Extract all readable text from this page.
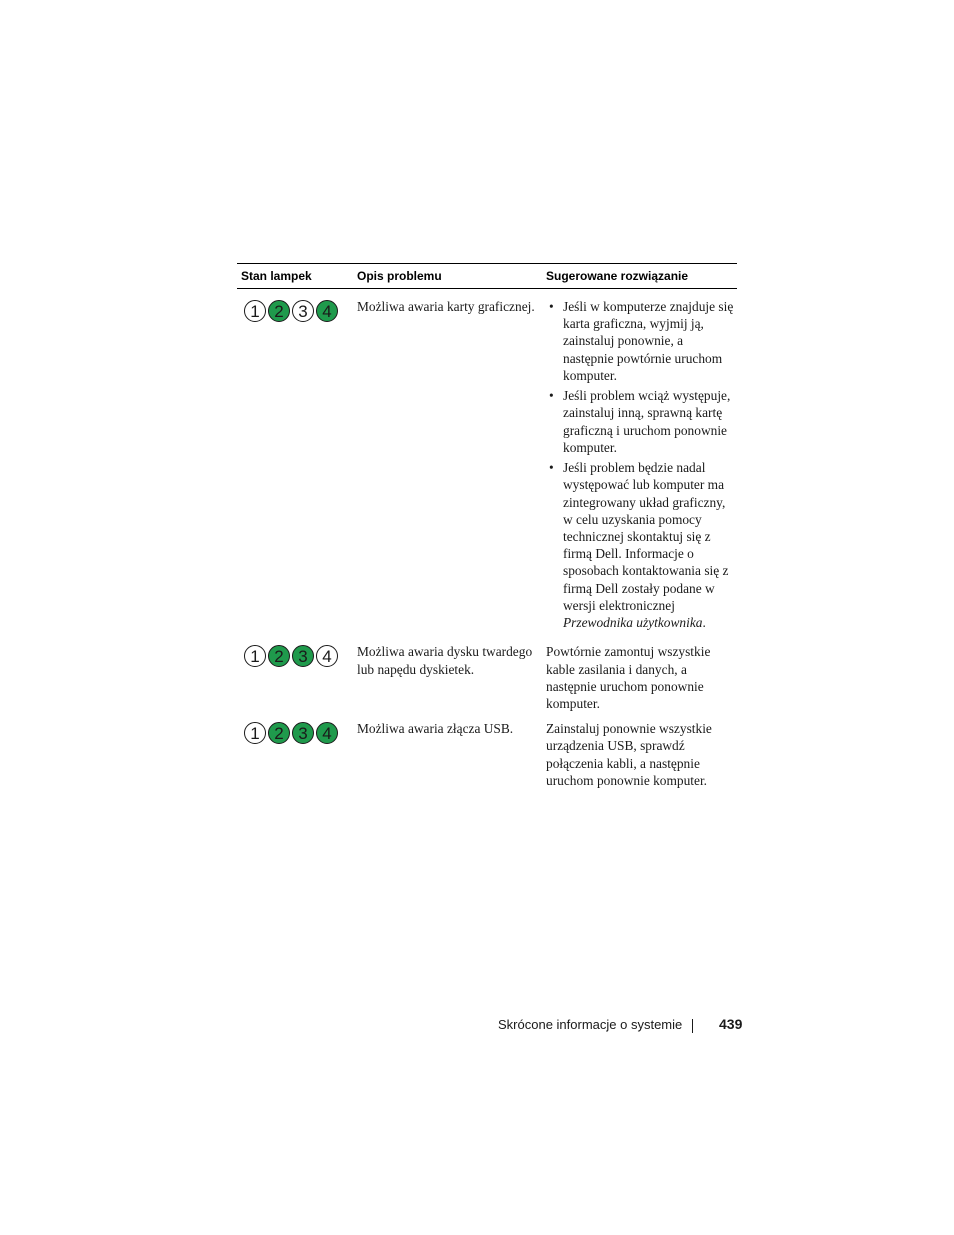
Stan lampek	Opis problemu	Sugerowane rozwiązanie
1 2 3 4	Możliwa awaria karty graficznej.
•	Jeśli w komputerze znajduje się karta graficzna, wyjmij ją, zainstaluj ponownie, a następnie powtórnie uruchom komputer.
• Jeśli problem wciąż występuje, zainstaluj inną, sprawną kartę graficzną i uruchom ponownie komputer.
• Jeśli problem będzie nadal występować lub komputer ma zintegrowany układ graficzny, w celu uzyskania pomocy technicznej skontaktuj się z firmą Dell. Informacje o sposobach kontaktowania się z firmą Dell zostały podane w wersji elektronicznej Przewodnika użytkownika.
1 2 3 4	Możliwa awaria dysku twardego lub napędu dyskietek.
Powtórnie zamontuj wszystkie kable zasilania i danych, a następnie uruchom ponownie komputer.
1 2 3 4	Możliwa awaria złącza USB.	Zainstaluj ponownie wszystkie urządzenia USB, sprawdź połączenia kabli, a następnie uruchom ponownie komputer.
Skrócone informacje o systemie	439
